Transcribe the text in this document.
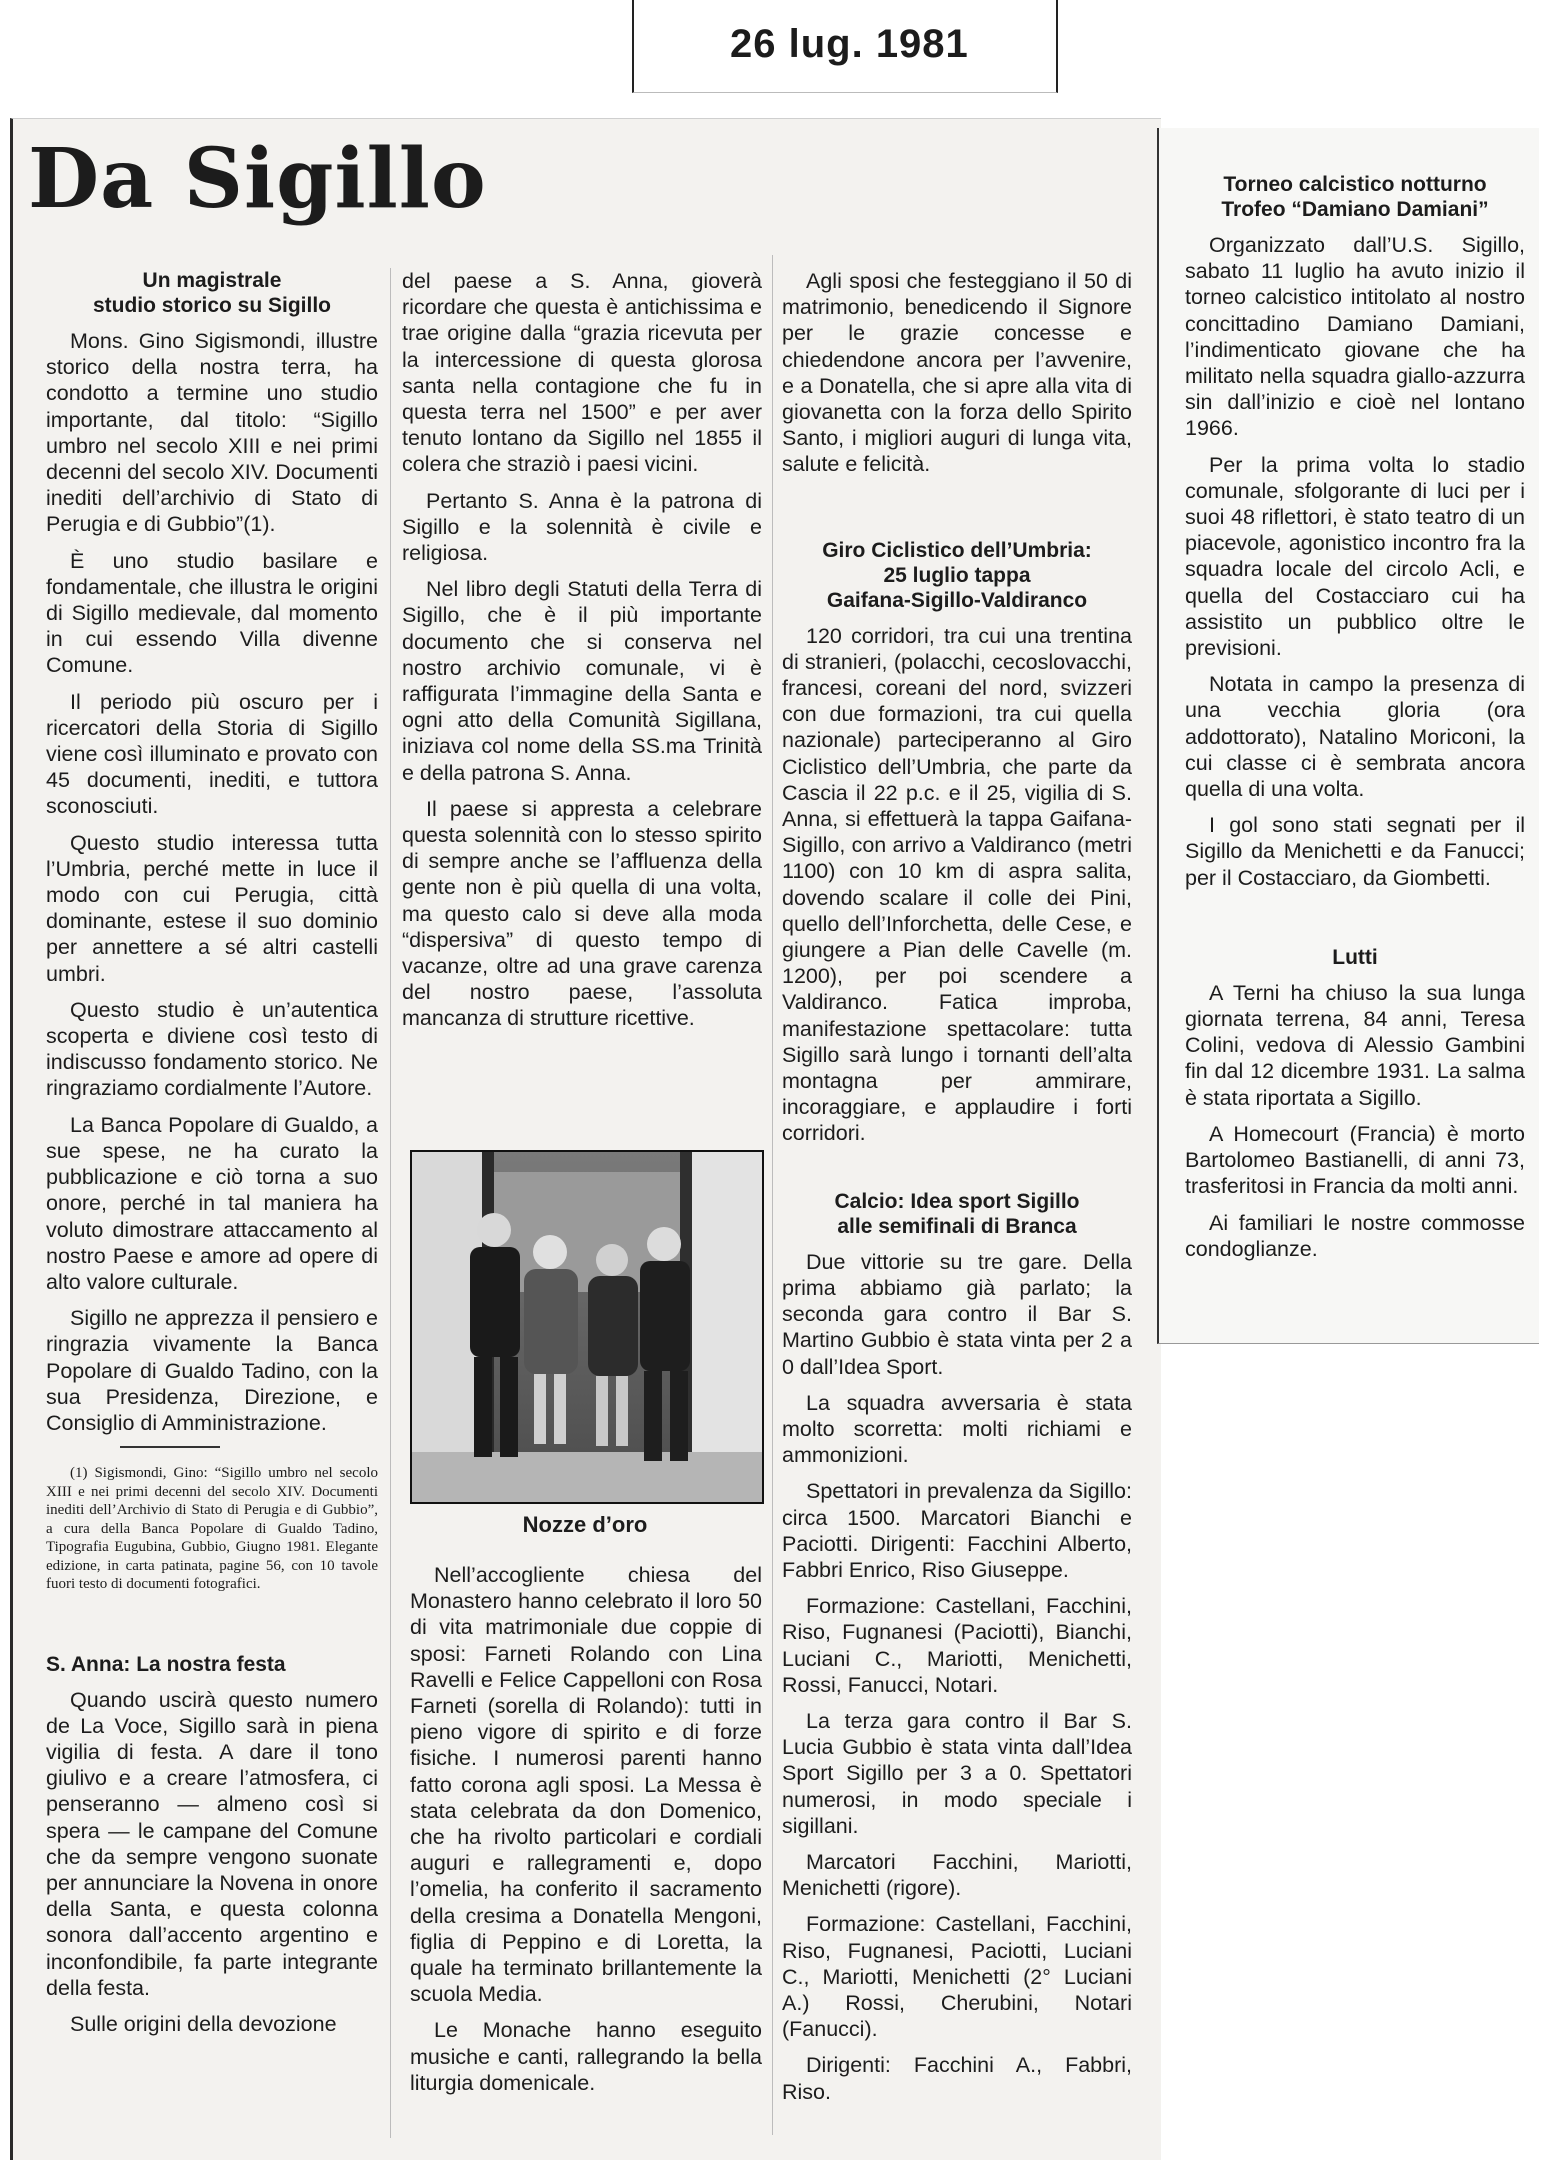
26 lug. 1981
Da Sigillo
Un magistrale
studio storico su Sigillo

Mons. Gino Sigismondi, illustre storico della nostra terra, ha condotto a termine uno studio importante, dal titolo: “Sigillo umbro nel secolo XIII e nei primi decenni del secolo XIV. Documenti inediti dell’archivio di Stato di Perugia e di Gubbio”(1).

È uno studio basilare e fondamentale, che illustra le origini di Sigillo medievale, dal momento in cui essendo Villa divenne Comune.

Il periodo più oscuro per i ricercatori della Storia di Sigillo viene così illuminato e provato con 45 documenti, inediti, e tuttora sconosciuti.

Questo studio interessa tutta l’Umbria, perché mette in luce il modo con cui Perugia, città dominante, estese il suo dominio per annettere a sé altri castelli umbri.

Questo studio è un’autentica scoperta e diviene così testo di indiscusso fondamento storico. Ne ringraziamo cordialmente l’Autore.

La Banca Popolare di Gualdo, a sue spese, ne ha curato la pubblicazione e ciò torna a suo onore, perché in tal maniera ha voluto dimostrare attaccamento al nostro Paese e amore ad opere di alto valore culturale.

Sigillo ne apprezza il pensiero e ringrazia vivamente la Banca Popolare di Gualdo Tadino, con la sua Presidenza, Direzione, e Consiglio di Amministrazione.

(1) Sigismondi, Gino: “Sigillo umbro nel secolo XIII e nei primi decenni del secolo XIV. Documenti inediti dell’Archivio di Stato di Perugia e di Gubbio”, a cura della Banca Popolare di Gualdo Tadino, Tipografia Eugubina, Gubbio, Giugno 1981. Elegante edizione, in carta patinata, pagine 56, con 10 tavole fuori testo di documenti fotografici.

S. Anna: La nostra festa

Quando uscirà questo numero de La Voce, Sigillo sarà in piena vigilia di festa. A dare il tono giulivo e a creare l’atmosfera, ci penseranno — almeno così si spera — le campane del Comune che da sempre vengono suonate per annunciare la Novena in onore della Santa, e questa colonna sonora dall’accento argentino e inconfondibile, fa parte integrante della festa.

Sulle origini della devozione

del paese a S. Anna, gioverà ricordare che questa è antichissima e trae origine dalla “grazia ricevuta per la intercessione di questa glorosa santa nella contagione che fu in questa terra nel 1500” e per aver tenuto lontano da Sigillo nel 1855 il colera che straziò i paesi vicini.

Pertanto S. Anna è la patrona di Sigillo e la solennità è civile e religiosa.

Nel libro degli Statuti della Terra di Sigillo, che è il più importante documento che si conserva nel nostro archivio comunale, vi è raffigurata l’immagine della Santa e ogni atto della Comunità Sigillana, iniziava col nome della SS.ma Trinità e della patrona S. Anna.

Il paese si appresta a celebrare questa solennità con lo stesso spirito di sempre anche se l’affluenza della gente non è più quella di una volta, ma questo calo si deve alla moda “dispersiva” di questo tempo di vacanze, oltre ad una grave carenza del nostro paese, l’assoluta mancanza di strutture ricettive.

Nozze d’oro

Nell’accogliente chiesa del Monastero hanno celebrato il loro 50 di vita matrimoniale due coppie di sposi: Farneti Rolando con Lina Ravelli e Felice Cappelloni con Rosa Farneti (sorella di Rolando): tutti in pieno vigore di spirito e di forze fisiche. I numerosi parenti hanno fatto corona agli sposi. La Messa è stata celebrata da don Domenico, che ha rivolto particolari e cordiali auguri e rallegramenti e, dopo l’omelia, ha conferito il sacramento della cresima a Donatella Mengoni, figlia di Peppino e di Loretta, la quale ha terminato brillantemente la scuola Media.

Le Monache hanno eseguito musiche e canti, rallegrando la bella liturgia domenicale.

Agli sposi che festeggiano il 50 di matrimonio, benedicendo il Signore per le grazie concesse e chiedendone ancora per l’avvenire, e a Donatella, che si apre alla vita di giovanetta con la forza dello Spirito Santo, i migliori auguri di lunga vita, salute e felicità.

Giro Ciclistico dell’Umbria:
25 luglio tappa
Gaifana-Sigillo-Valdiranco

120 corridori, tra cui una trentina di stranieri, (polacchi, cecoslovacchi, francesi, coreani del nord, svizzeri con due formazioni, tra cui quella nazionale) parteciperanno al Giro Ciclistico dell’Umbria, che parte da Cascia il 22 p.c. e il 25, vigilia di S. Anna, si effettuerà la tappa Gaifana-Sigillo, con arrivo a Valdiranco (metri 1100) con 10 km di aspra salita, dovendo scalare il colle dei Pini, quello dell’Inforchetta, delle Cese, e giungere a Pian delle Cavelle (m. 1200), per poi scendere a Valdiranco. Fatica improba, manifestazione spettacolare: tutta Sigillo sarà lungo i tornanti dell’alta montagna per ammirare, incoraggiare, e applaudire i forti corridori.

Calcio: Idea sport Sigillo
alle semifinali di Branca

Due vittorie su tre gare. Della prima abbiamo già parlato; la seconda gara contro il Bar S. Martino Gubbio è stata vinta per 2 a 0 dall’Idea Sport.

La squadra avversaria è stata molto scorretta: molti richiami e ammonizioni.

Spettatori in prevalenza da Sigillo: circa 1500. Marcatori Bianchi e Paciotti. Dirigenti: Facchini Alberto, Fabbri Enrico, Riso Giuseppe.

Formazione: Castellani, Facchini, Riso, Fugnanesi (Paciotti), Bianchi, Luciani C., Mariotti, Menichetti, Rossi, Fanucci, Notari.

La terza gara contro il Bar S. Lucia Gubbio è stata vinta dall’Idea Sport Sigillo per 3 a 0. Spettatori numerosi, in modo speciale i sigillani.

Marcatori Facchini, Mariotti, Menichetti (rigore).

Formazione: Castellani, Facchini, Riso, Fugnanesi, Paciotti, Luciani C., Mariotti, Menichetti (2° Luciani A.) Rossi, Cherubini, Notari (Fanucci).

Dirigenti: Facchini A., Fabbri, Riso.

Torneo calcistico notturno
Trofeo “Damiano Damiani”

Organizzato dall’U.S. Sigillo, sabato 11 luglio ha avuto inizio il torneo calcistico intitolato al nostro concittadino Damiano Damiani, l’indimenticato giovane che ha militato nella squadra giallo-azzurra sin dall’inizio e cioè nel lontano 1966.

Per la prima volta lo stadio comunale, sfolgorante di luci per i suoi 48 riflettori, è stato teatro di un piacevole, agonistico incontro fra la squadra locale del circolo Acli, e quella del Costacciaro cui ha assistito un pubblico oltre le previsioni.

Notata in campo la presenza di una vecchia gloria (ora addottorato), Natalino Moriconi, la cui classe ci è sembrata ancora quella di una volta.

I gol sono stati segnati per il Sigillo da Menichetti e da Fanucci; per il Costacciaro, da Giombetti.

Lutti

A Terni ha chiuso la sua lunga giornata terrena, 84 anni, Teresa Colini, vedova di Alessio Gambini fin dal 12 dicembre 1931. La salma è stata riportata a Sigillo.

A Homecourt (Francia) è morto Bartolomeo Bastianelli, di anni 73, trasferitosi in Francia da molti anni.

Ai familiari le nostre commosse condoglianze.
